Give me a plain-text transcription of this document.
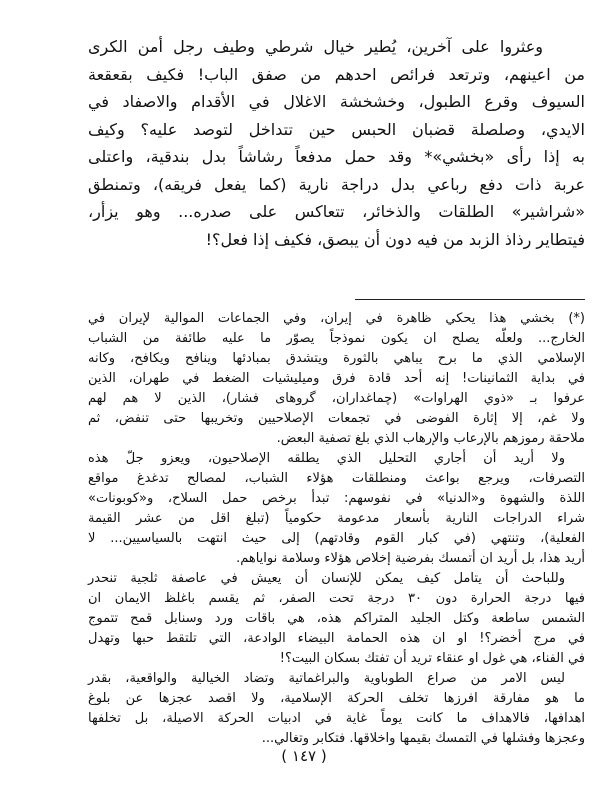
وعثروا على آخرين، يُطير خيال شرطي وطيف رجل أمن الكرى
من اعينهم، وترتعد فرائص احدهم من صفق الباب! فكيف بقعقعة
السيوف وقرع الطبول، وخشخشة الاغلال في الأقدام والاصفاد في
الايدي، وصلصلة قضبان الحبس حين تتداخل لتوصد عليه؟ وكيف
به إذا رأى «بخشي»* وقد حمل مدفعاً رشاشاً بدل بندقية، واعتلى
عربة ذات دفع رباعي بدل دراجة نارية (كما يفعل فريقه)، وتمنطق
«شراشير» الطلقات والذخائر، تتعاكس على صدره... وهو يزأر،
فيتطاير رذاذ الزبد من فيه دون أن يبصق، فكيف إذا فعل؟!
(*) بخشي هذا يحكي ظاهرة في إيران، وفي الجماعات الموالية لإيران في
الخارج... ولعلّه يصلح ان يكون نموذجاً يصوّر ما عليه طائفة من الشباب
الإسلامي الذي ما برح يباهي بالثورة ويتشدق بمبادئها وينافح ويكافح، وكانه
في بداية الثمانينات! إنه أحد قادة فرق وميليشيات الضغط في طهران، الذين
عرفوا بـ «ذوي الهراوات» (چماغداران، گروهای فشار)، الذين لا هم لهم
ولا غم، إلا إثارة الفوضى في تجمعات الإصلاحيين وتخريبها حتى تنفض، ثم
ملاحقة رموزهم بالإرعاب والإرهاب الذي بلغ تصفية البعض.
ولا أريد أن أجاري التحليل الذي يطلقه الإصلاحيون، ويعزو جلّ هذه
التصرفات، ويرجع بواعث ومنطلقات هؤلاء الشباب، لمصالح تدغدغ مواقع
اللذة والشهوة و«الدنيا» في نفوسهم: تبدأ برخص حمل السلاح، و«كوبونات»
شراء الدراجات النارية بأسعار مدعومة حكومياً (تبلغ اقل من عشر القيمة
الفعلية)، وتنتهي (في كبار القوم وقادتهم) إلى حيث انتهت بالسياسيين... لا
أريد هذا، بل أريد ان أتمسك بفرضية إخلاص هؤلاء وسلامة نواياهم.
وللباحث أن يتامل كيف يمكن للإنسان أن يعيش في عاصفة ثلجية تنحدر
فيها درجة الحرارة دون ٣٠ درجة تحت الصفر، ثم يقسم باغلظ الايمان ان
الشمس ساطعة وكتل الجليد المتراكم هذه، هي باقات ورد وسنابل قمح تتموج
في مرج أخضر؟! او ان هذه الحمامة البيضاء الوادعة، التي تلتقط حبها وتهدل
في الفناء، هي غول او عنقاء تريد أن تفتك بسكان البيت؟!
ليس الامر من صراع الطوباوية والبراغماتية وتضاد الخيالية والواقعية، بقدر
ما هو مفارقة افرزها تخلف الحركة الإسلامية، ولا اقصد عجزها عن بلوغ
اهدافها، فالاهداف ما كانت يوماً غاية في ادبيات الحركة الاصيلة، بل تخلفها
وعجزها وفشلها في التمسك بقيمها واخلاقها. فتكابر وتغالي...
( ١٤٧ )
